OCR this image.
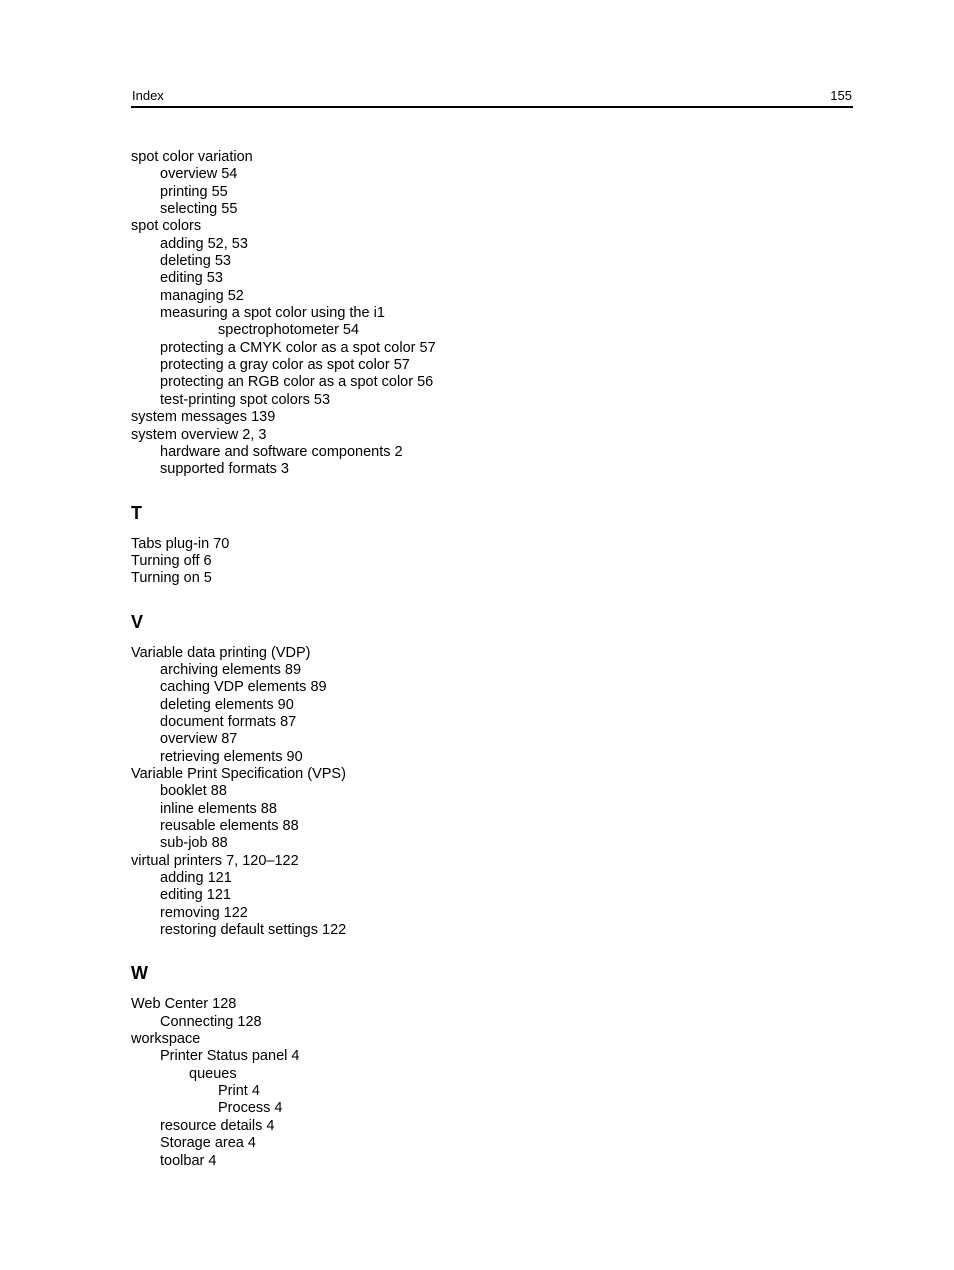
Index	155
spot color variation
overview 54
printing 55
selecting 55
spot colors
adding 52, 53
deleting 53
editing 53
managing 52
measuring a spot color using the i1
spectrophotometer 54
protecting a CMYK color as a spot color 57
protecting a gray color as spot color 57
protecting an RGB color as a spot color 56
test-printing spot colors 53
system messages 139
system overview 2, 3
hardware and software components 2
supported formats 3
T
Tabs plug-in 70
Turning off 6
Turning on 5
V
Variable data printing (VDP)
archiving elements 89
caching VDP elements 89
deleting elements 90
document formats 87
overview 87
retrieving elements 90
Variable Print Specification (VPS)
booklet 88
inline elements 88
reusable elements 88
sub-job 88
virtual printers 7, 120–122
adding 121
editing 121
removing 122
restoring default settings 122
W
Web Center 128
Connecting 128
workspace
Printer Status panel 4
queues
Print 4
Process 4
resource details 4
Storage area 4
toolbar 4
